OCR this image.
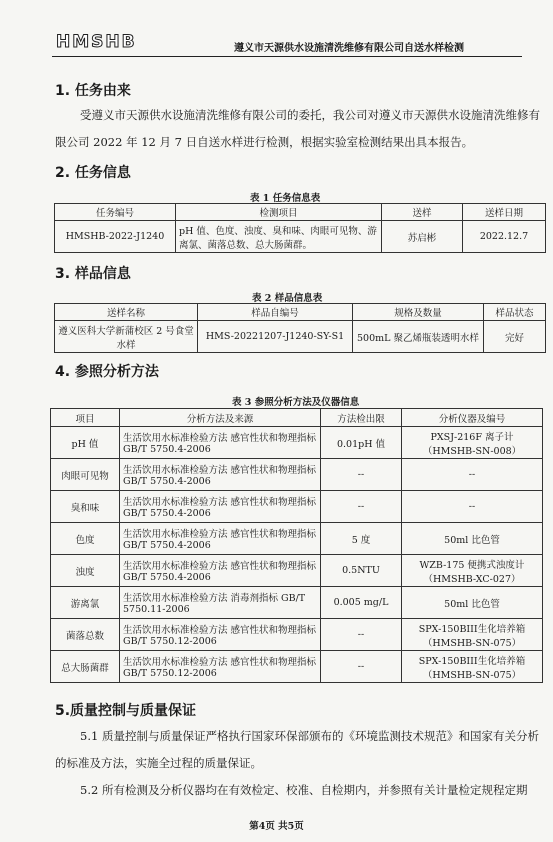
HMSHB	遵义市天源供水设施清洗维修有限公司自送水样检测
1. 任务由来
受遵义市天源供水设施清洗维修有限公司的委托，我公司对遵义市天源供水设施清洗维修有限公司 2022 年 12 月 7 日自送水样进行检测，根据实验室检测结果出具本报告。
2. 任务信息
表 1 任务信息表
任务编号	检测项目	送样	送样日期
HMSHB-2022-J1240	pH 值、色度、浊度、臭和味、肉眼可见物、游离氯、菌落总数、总大肠菌群。	苏启彬	2022.12.7
3. 样品信息
表 2 样品信息表
送样名称	样品自编号	规格及数量	样品状态
遵义医科大学新蒲校区 2 号食堂水样	HMS-20221207-J1240-SY-S1	500mL 聚乙烯瓶装透明水样	完好
4. 参照分析方法
表 3 参照分析方法及仪器信息
项目	分析方法及来源	方法检出限	分析仪器及编号
pH 值	生活饮用水标准检验方法 感官性状和物理指标 GB/T 5750.4-2006	0.01pH 值	PXSJ-216F 离子计（HMSHB-SN-008）
肉眼可见物	生活饮用水标准检验方法 感官性状和物理指标 GB/T 5750.4-2006	--	--
臭和味	生活饮用水标准检验方法 感官性状和物理指标 GB/T 5750.4-2006	--	--
色度	生活饮用水标准检验方法 感官性状和物理指标 GB/T 5750.4-2006	5 度	50ml 比色管
浊度	生活饮用水标准检验方法 感官性状和物理指标 GB/T 5750.4-2006	0.5NTU	WZB-175 便携式浊度计（HMSHB-XC-027）
游离氯	生活饮用水标准检验方法 消毒剂指标 GB/T 5750.11-2006	0.005 mg/L	50ml 比色管
菌落总数	生活饮用水标准检验方法 感官性状和物理指标 GB/T 5750.12-2006	--	SPX-150BIII生化培养箱（HMSHB-SN-075）
总大肠菌群	生活饮用水标准检验方法 感官性状和物理指标 GB/T 5750.12-2006	--	SPX-150BIII生化培养箱（HMSHB-SN-075）
5.质量控制与质量保证
5.1 质量控制与质量保证严格执行国家环保部颁布的《环境监测技术规范》和国家有关分析的标准及方法，实施全过程的质量保证。
5.2 所有检测及分析仪器均在有效检定、校准、自检期内，并参照有关计量检定规程定期
第4页 共5页
